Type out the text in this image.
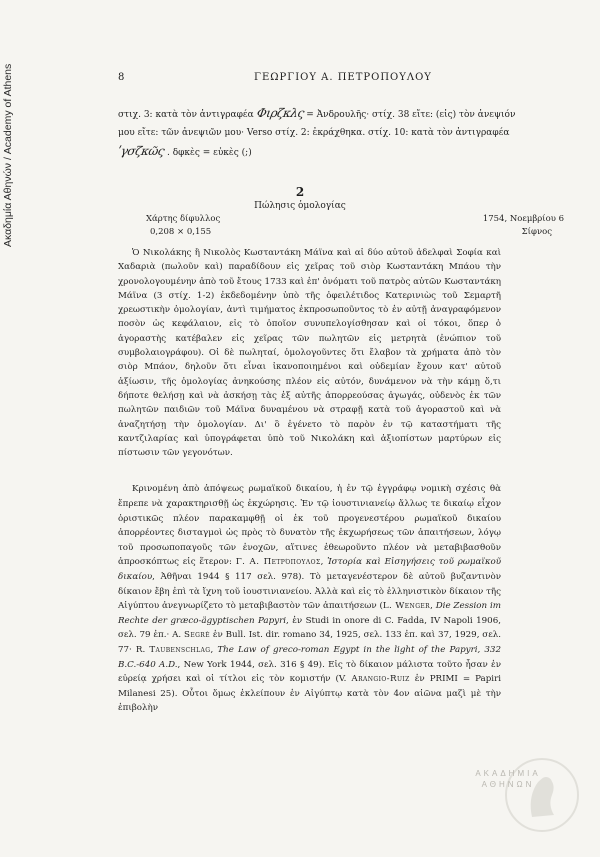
Ακαδημία Αθηνών / Academy of Athens	8	ΓΕΩΡΓΙΟΥ Α. ΠΕΤΡΟΠΟΥΛΟΥ
στιχ. 3: κατὰ τὸν ἀντιγραφέα Φιρζκλς = Ἀνδρουλῆς· στίχ. 38 εἴτε: (εἰς) τὸν ἀνεψιόν
μου εἴτε: τῶν ἀνεψιῶν μου· Verso στίχ. 2: ἐκράχθηκα. στίχ. 10: κατὰ τὸν ἀντιγραφέα
ʹγσζκῶς . δφκὲς = εὐκὲς (;)
2
Πώλησις ὁμολογίας
Χάρτης δίφυλλος
0,208 × 0,155
1754, Νοεμβρίου 6
Σίφνος

Ὁ Νικολάκης ἢ Νικολὸς Κωσταντάκη Μάϊνα καὶ αἱ δύο αὐτοῦ ἀδελφαὶ Σοφία καὶ Χαδαριὰ (πωλοῦν καὶ) παραδίδουν εἰς χεῖρας τοῦ σιὸρ Κωσταντάκη Μπάου τὴν χρονολογουμένην ἀπὸ τοῦ ἔτους 1733 καὶ ἐπ' ὀνόματι τοῦ πατρὸς αὐτῶν Κωσταντάκη Μάϊνα (3 στίχ. 1-2) ἐκδεδομένην ὑπὸ τῆς ὀφειλέτιδος Κατερινιὼς τοῦ Σεμαρτῆ χρεωστικὴν ὁμολογίαν, ἀντὶ τιμήματος ἐκπροσωποῦντος τὸ ἐν αὐτῇ ἀναγραφόμενον ποσὸν ὡς κεφάλαιον, εἰς τὸ ὁποῖον συνυπελογίσθησαν καὶ οἱ τόκοι, ὅπερ ὁ ἀγοραστὴς κατέβαλεν εἰς χεῖρας τῶν πωλητῶν εἰς μετρητὰ (ἐνώπιον τοῦ συμβολαιογράφου). Οἱ δὲ πωληταί, ὁμολογοῦντες ὅτι ἔλαβον τὰ χρήματα ἀπὸ τὸν σιὸρ Μπάον, δηλοῦν ὅτι εἶναι ἱκανοποιημένοι καὶ οὐδεμίαν ἔχουν κατ' αὐτοῦ ἀξίωσιν, τῆς ὁμολογίας ἀνηκούσης πλέον εἰς αὐτόν, δυνάμενον νὰ τὴν κάμῃ ὅ,τι δήποτε θελήσῃ καὶ νὰ ἀσκήσῃ τὰς ἐξ αὐτῆς ἀπορρεούσας ἀγωγάς, οὐδενὸς ἐκ τῶν πωλητῶν παιδιῶν τοῦ Μάϊνα δυναμένου νὰ στραφῇ κατὰ τοῦ ἀγοραστοῦ καὶ νὰ ἀναζητήσῃ τὴν ὁμολογίαν. Δι' ὃ ἐγένετο τὸ παρὸν ἐν τῷ καταστήματι τῆς καντζιλαρίας καὶ ὑπογράφεται ὑπὸ τοῦ Νικολάκη καὶ ἀξιοπίστων μαρτύρων εἰς πίστωσιν τῶν γεγονότων.

Κρινομένη ἀπὸ ἀπόψεως ρωμαϊκοῦ δικαίου, ἡ ἐν τῷ ἐγγράφῳ νομικὴ σχέσις θὰ ἔπρεπε νὰ χαρακτηρισθῇ ὡς ἐκχώρησις. Ἐν τῷ ἰουστινιανείῳ ἄλλως τε δικαίῳ εἶχον ὁριστικῶς πλέον παρακαμφθῇ οἱ ἐκ τοῦ προγενεστέρου ρωμαϊκοῦ δικαίου ἀπορρέοντες δισταγμοὶ ὡς πρὸς τὸ δυνατὸν τῆς ἐκχωρήσεως τῶν ἀπαιτήσεων, λόγῳ τοῦ προσωποπαγοῦς τῶν ἐνοχῶν, αἵτινες ἐθεωροῦντο πλέον νὰ μεταβιβασθοῦν ἀπροσκόπτως εἰς ἕτερον: Γ. Α. Πετρόπουλος, Ἱστορία καὶ Εἰσηγήσεις τοῦ ρωμαϊκοῦ δικαίου, Ἀθῆναι 1944 § 117 σελ. 978). Τὸ μεταγενέστερον δὲ αὐτοῦ βυζαντινὸν δίκαιον ἔβη ἐπὶ τὰ ἴχνη τοῦ ἰουστινιανείου. Ἀλλὰ καὶ εἰς τὸ ἑλληνιστικὸν δίκαιον τῆς Αἰγύπτου ἀνεγνωρίζετο τὸ μεταβιβαστὸν τῶν ἀπαιτήσεων (L. Wenger, Die Zession im Rechte der græco-ägyptischen Papyri, ἐν Studi in onore di C. Fadda, IV Napoli 1906, σελ. 79 ἐπ.· A. Segrè ἐν Bull. Ist. dir. romano 34, 1925, σελ. 133 ἐπ. καὶ 37, 1929, σελ. 77· R. Taubenschlag, The Law of greco-roman Egypt in the light of the Papyri, 332 B.C.-640 A.D., New York 1944, σελ. 316 § 49). Εἰς τὸ δίκαιον μάλιστα τοῦτο ἦσαν ἐν εὐρείᾳ χρήσει καὶ οἱ τίτλοι εἰς τὸν κομιστήν (V. Arangio-Ruiz ἐν PRIMI = Papiri Milanesi 25). Οὗτοι ὅμως ἐκλείπουν ἐν Αἰγύπτῳ κατὰ τὸν 4ον αἰῶνα μαζὶ μὲ τὴν ἐπιβολὴν

ΑΚΑΔΗΜΙΑ
ΑΘΗΝΩΝ
